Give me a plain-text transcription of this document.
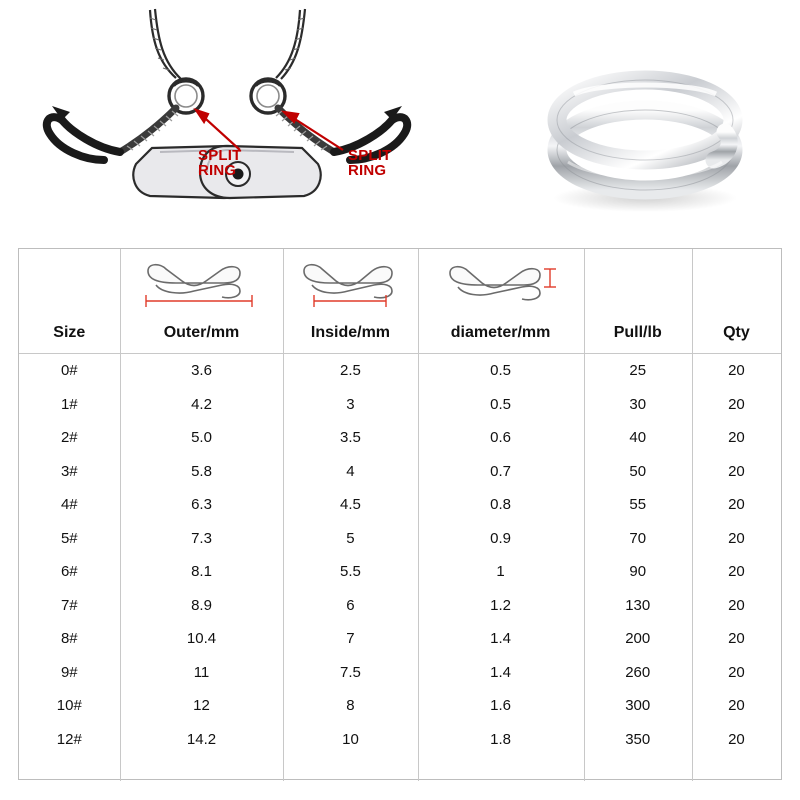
SPLIT
RING
SPLIT
RING

Size	Outer/mm	Inside/mm	diameter/mm	Pull/lb	Qty
0#	3.6	2.5	0.5	25	20
1#	4.2	3	0.5	30	20
2#	5.0	3.5	0.6	40	20
3#	5.8	4	0.7	50	20
4#	6.3	4.5	0.8	55	20
5#	7.3	5	0.9	70	20
6#	8.1	5.5	1	90	20
7#	8.9	6	1.2	130	20
8#	10.4	7	1.4	200	20
9#	11	7.5	1.4	260	20
10#	12	8	1.6	300	20
12#	14.2	10	1.8	350	20
